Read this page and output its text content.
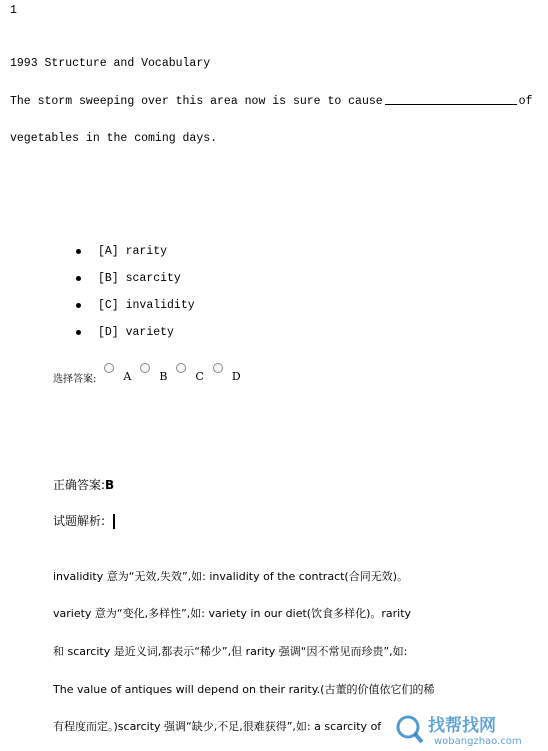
1
1993 Structure and Vocabulary
The storm sweeping over this area now is sure to cause	of
vegetables in the coming days.
[A]
rarity
[B]
scarcity
[C]
invalidity
[D]
variety
选择答案: A	B	C	D
正确答案:B
试题解析:
invalidity 意为“无效,失效”,如: invalidity of the contract(合同无效)。
variety 意为“变化,多样性”,如: variety in our diet(饮食多样化)。rarity
和 scarcity 是近义词,都表示“稀少”,但 rarity 强调“因不常见而珍贵”,如:
The value of antiques will depend on their rarity.(古董的价值依它们的稀
有程度而定。)scarcity 强调“缺少,不足,很难获得”,如: a scarcity of	找帮找网
wobangzhao.com
